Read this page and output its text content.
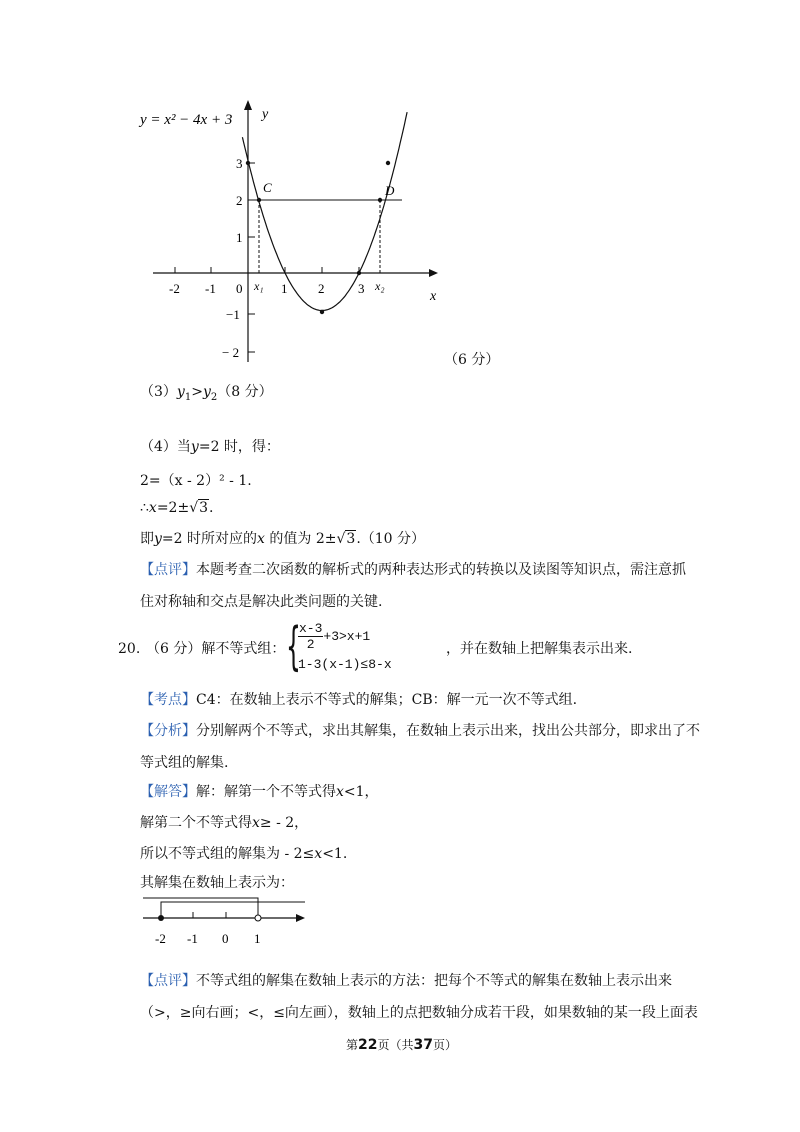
y = x² − 4x + 3 y
x
-2 -1 0	1 2	3
x₁	x₂
3
2
1
−1
− 2
C	D
（6 分）
$(3)y_1>y_2(8$ 分）
（4）当y=2 时，得：
2=（x - 2）² - 1.
∴x=2±√3.
即y=2 时所对应的x 的值为 2±√3.（10 分）
【点评】本题考查二次函数的解析式的两种表达形式的转换以及读图等知识点，需注意抓
住对称轴和交点是解决此类问题的关键.
20. （6 分）解不等式组： {
$\frac{x-3}{2} +3>x+1$
1-3(x-1)≤8-x
，并在数轴上把解集表示出来.
【考点】C4：在数轴上表示不等式的解集；CB：解一元一次不等式组.
【分析】分别解两个不等式，求出其解集，在数轴上表示出来，找出公共部分，即求出了不
等式组的解集.
【解答】解：解第一个不等式得x<1，
解第二个不等式得x≥ - 2，
所以不等式组的解集为 - 2≤x<1.
其解集在数轴上表示为：
-2 -1 0 1
【点评】不等式组的解集在数轴上表示的方法：把每个不等式的解集在数轴上表示出来
（>，≥向右画；<，≤向左画），数轴上的点把数轴分成若干段，如果数轴的某一段上面表
第22页（共37页）
